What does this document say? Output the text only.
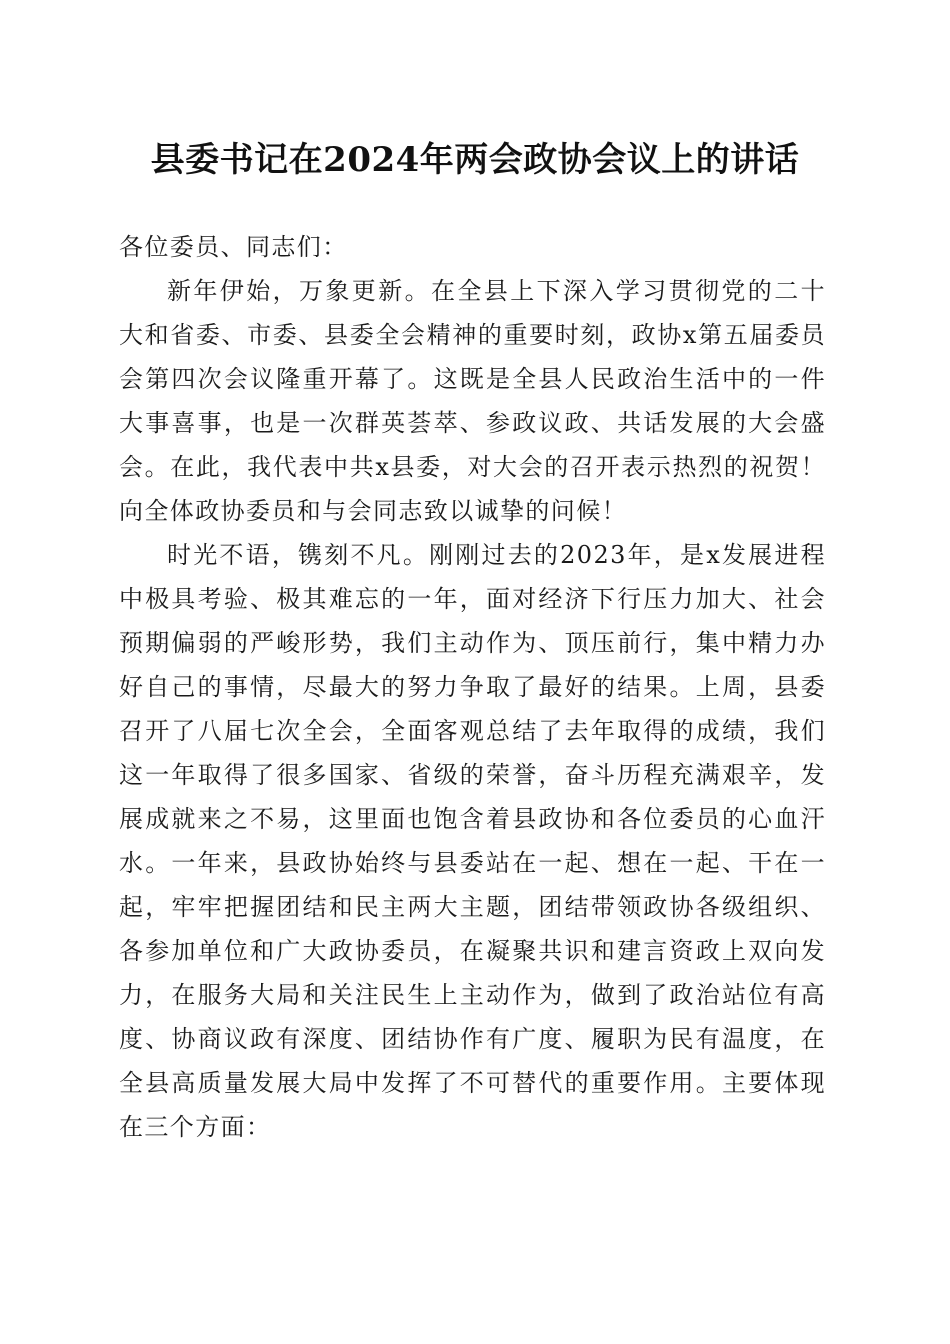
县委书记在2024年两会政协会议上的讲话

各位委员、同志们：

新年伊始，万象更新。在全县上下深入学习贯彻党的二十大和省委、市委、县委全会精神的重要时刻，政协x第五届委员会第四次会议隆重开幕了。这既是全县人民政治生活中的一件大事喜事，也是一次群英荟萃、参政议政、共话发展的大会盛会。在此，我代表中共x县委，对大会的召开表示热烈的祝贺！向全体政协委员和与会同志致以诚挚的问候！

时光不语，镌刻不凡。刚刚过去的2023年，是x发展进程中极具考验、极其难忘的一年，面对经济下行压力加大、社会预期偏弱的严峻形势，我们主动作为、顶压前行，集中精力办好自己的事情，尽最大的努力争取了最好的结果。上周，县委召开了八届七次全会，全面客观总结了去年取得的成绩，我们这一年取得了很多国家、省级的荣誉，奋斗历程充满艰辛，发展成就来之不易，这里面也饱含着县政协和各位委员的心血汗水。一年来，县政协始终与县委站在一起、想在一起、干在一起，牢牢把握团结和民主两大主题，团结带领政协各级组织、各参加单位和广大政协委员，在凝聚共识和建言资政上双向发力，在服务大局和关注民生上主动作为，做到了政治站位有高度、协商议政有深度、团结协作有广度、履职为民有温度，在全县高质量发展大局中发挥了不可替代的重要作用。主要体现在三个方面：
